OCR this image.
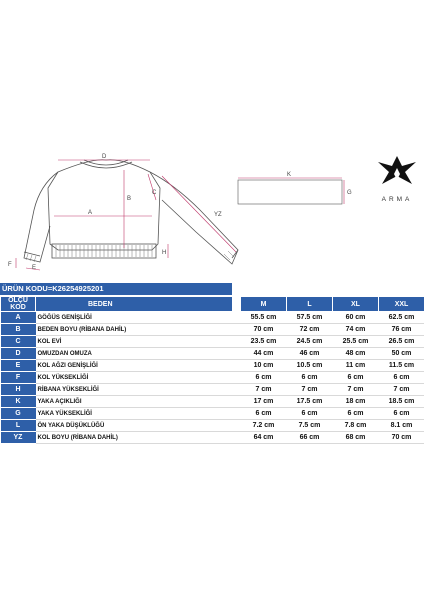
D
B
A
C
YZ
F	E
H
K
G
ARMA
ÜRÜN KODU=K26254925201
ÖLÇÜ KOD	BEDEN		M	L	XL	XXL
A	GÖĞÜS GENİŞLİĞİ		55.5 cm	57.5 cm	60 cm	62.5 cm
B	BEDEN BOYU (RİBANA DAHİL)		70 cm	72 cm	74 cm	76 cm
C	KOL EVİ		23.5 cm	24.5 cm	25.5 cm	26.5 cm
D	OMUZDAN OMUZA		44 cm	46 cm	48 cm	50 cm
E	KOL AĞZI GENİŞLİĞİ		10 cm	10.5 cm	11 cm	11.5 cm
F	KOL YÜKSEKLİĞİ		6 cm	6 cm	6 cm	6 cm
H	RİBANA YÜKSEKLİĞİ		7 cm	7 cm	7 cm	7 cm
K	YAKA AÇIKLIĞI		17 cm	17.5 cm	18 cm	18.5 cm
G	YAKA YÜKSEKLİĞİ		6 cm	6 cm	6 cm	6 cm
L	ÖN YAKA DÜŞÜKLÜĞÜ		7.2 cm	7.5 cm	7.8 cm	8.1 cm
YZ	KOL BOYU (RİBANA DAHİL)		64 cm	66 cm	68 cm	70 cm
